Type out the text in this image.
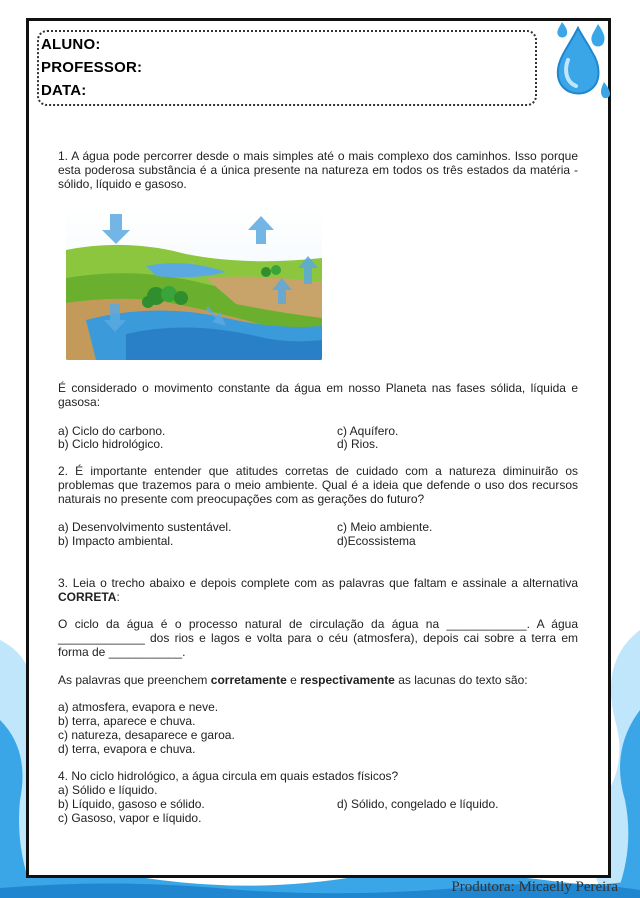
ALUNO:
PROFESSOR:
DATA:
1. A água pode percorrer desde o mais simples até o mais complexo dos caminhos. Isso porque esta poderosa substância é a única presente na natureza em todos os três estados da matéria - sólido, líquido e gasoso.
É considerado o movimento constante da água em nosso Planeta nas fases sólida, líquida e gasosa:
a) Ciclo do carbono.
b) Ciclo hidrológico.
c) Aquífero.
d) Rios.
2. É importante entender que atitudes corretas de cuidado com a natureza diminuirão os problemas que trazemos para o meio ambiente. Qual é a ideia que defende o uso dos recursos naturais no presente com preocupações com as gerações do futuro?
a) Desenvolvimento sustentável.
b) Impacto ambiental.
c) Meio ambiente.
d)Ecossistema
3. Leia o trecho abaixo e depois complete com as palavras que faltam e assinale a alternativa CORRETA:
O ciclo da água é o processo natural de circulação da água na ____________. A água _____________ dos rios e lagos e volta para o céu (atmosfera), depois cai sobre a terra em forma de ___________.
As palavras que preenchem corretamente e respectivamente as lacunas do texto são:
a) atmosfera, evapora e neve.
b) terra, aparece e chuva.
c) natureza, desaparece e garoa.
d) terra, evapora e chuva.
4. No ciclo hidrológico, a água circula em quais estados físicos?
a) Sólido e líquido.
b) Líquido, gasoso e sólido.
c) Gasoso, vapor e líquido.
d) Sólido, congelado e líquido.
Produtora: Micaelly Pereira
